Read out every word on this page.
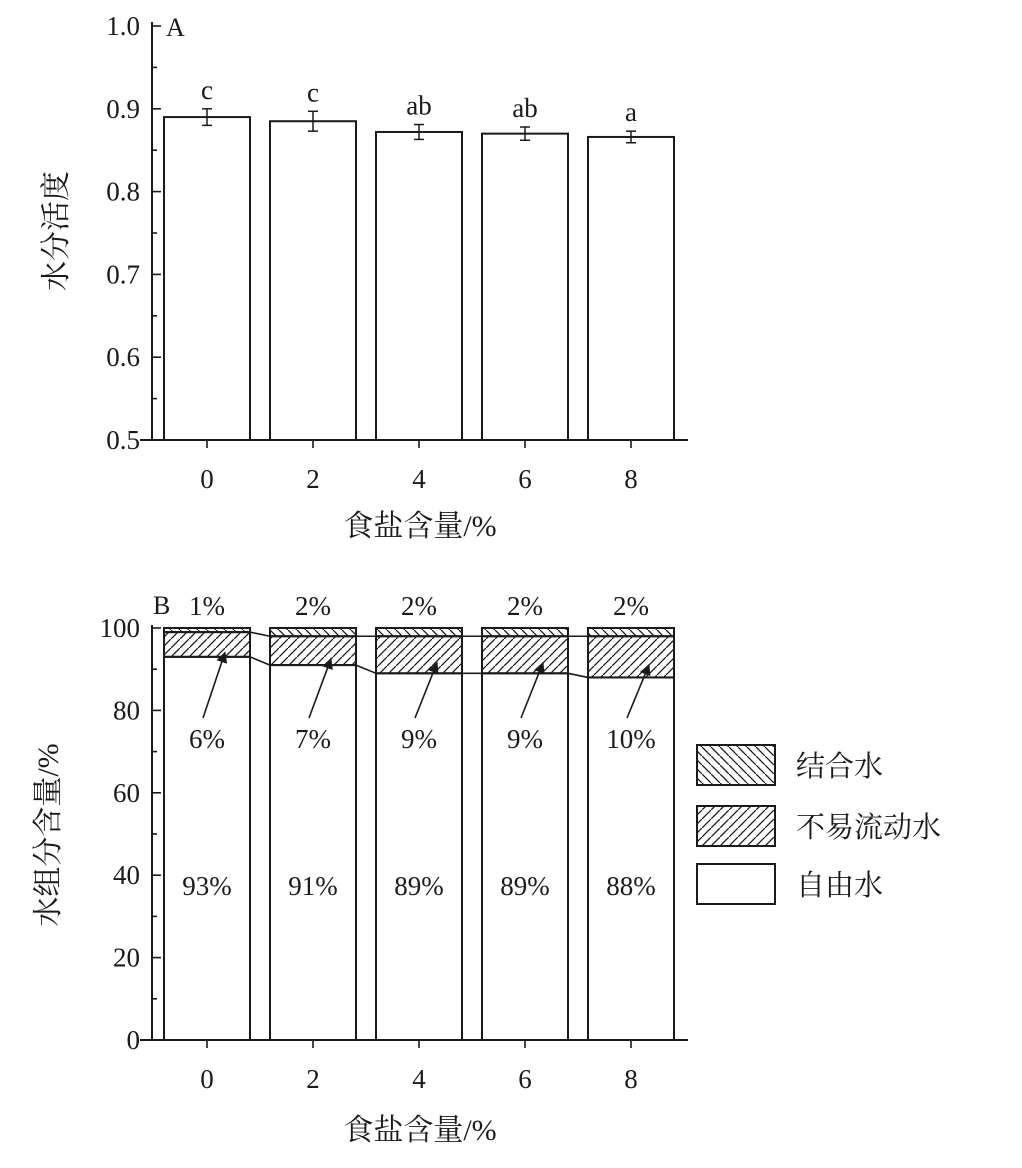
A
食盐含量/%
水分活度
0.5
0.6
0.7
0.8
0.9
1.0
c
0
c
2
ab
4
ab
6
a
8
B
食盐含量/%
水组分含量/%
0
20
40
60
80
100
1%
6%
93%
0
2%
7%
91%
2
2%
9%
89%
4
2%
9%
89%
6
2%
10%
88%
8
结合水
不易流动水
自由水
